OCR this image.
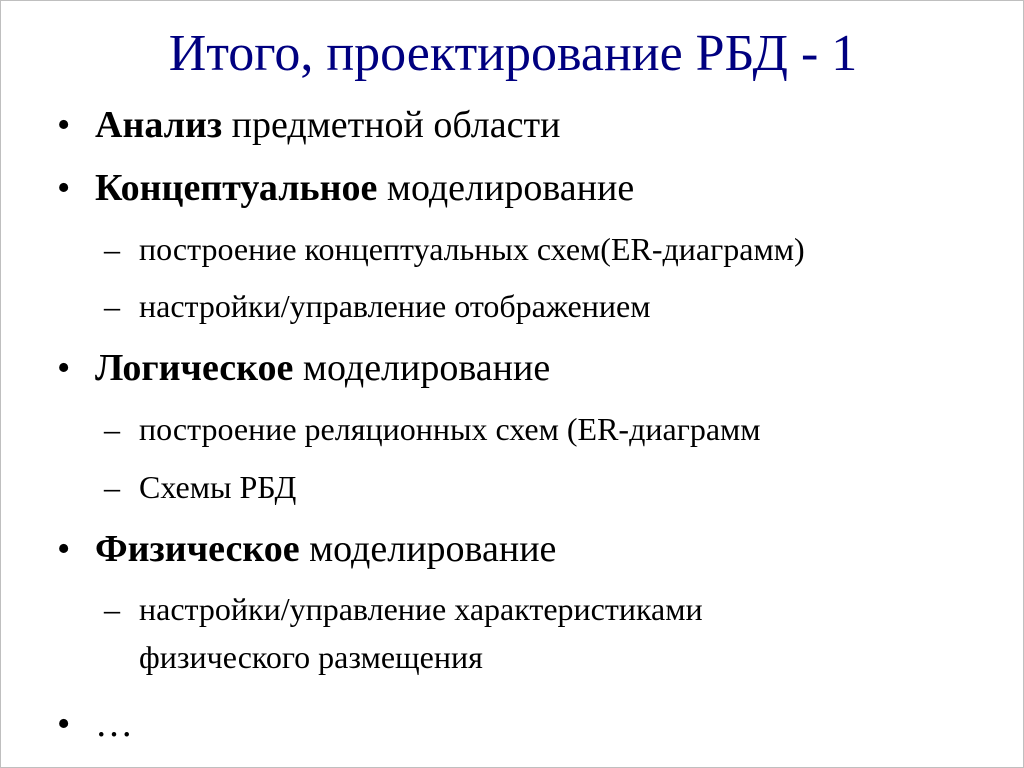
Итого, проектирование РБД - 1
• Анализ предметной области
• Концептуальное моделирование
– построение концептуальных схем(ER-диаграмм)
– настройки/управление отображением
• Логическое моделирование
– построение реляционных схем (ER-диаграмм
– Схемы РБД
• Физическое моделирование
– настройки/управление характеристиками
физического размещения
• …
